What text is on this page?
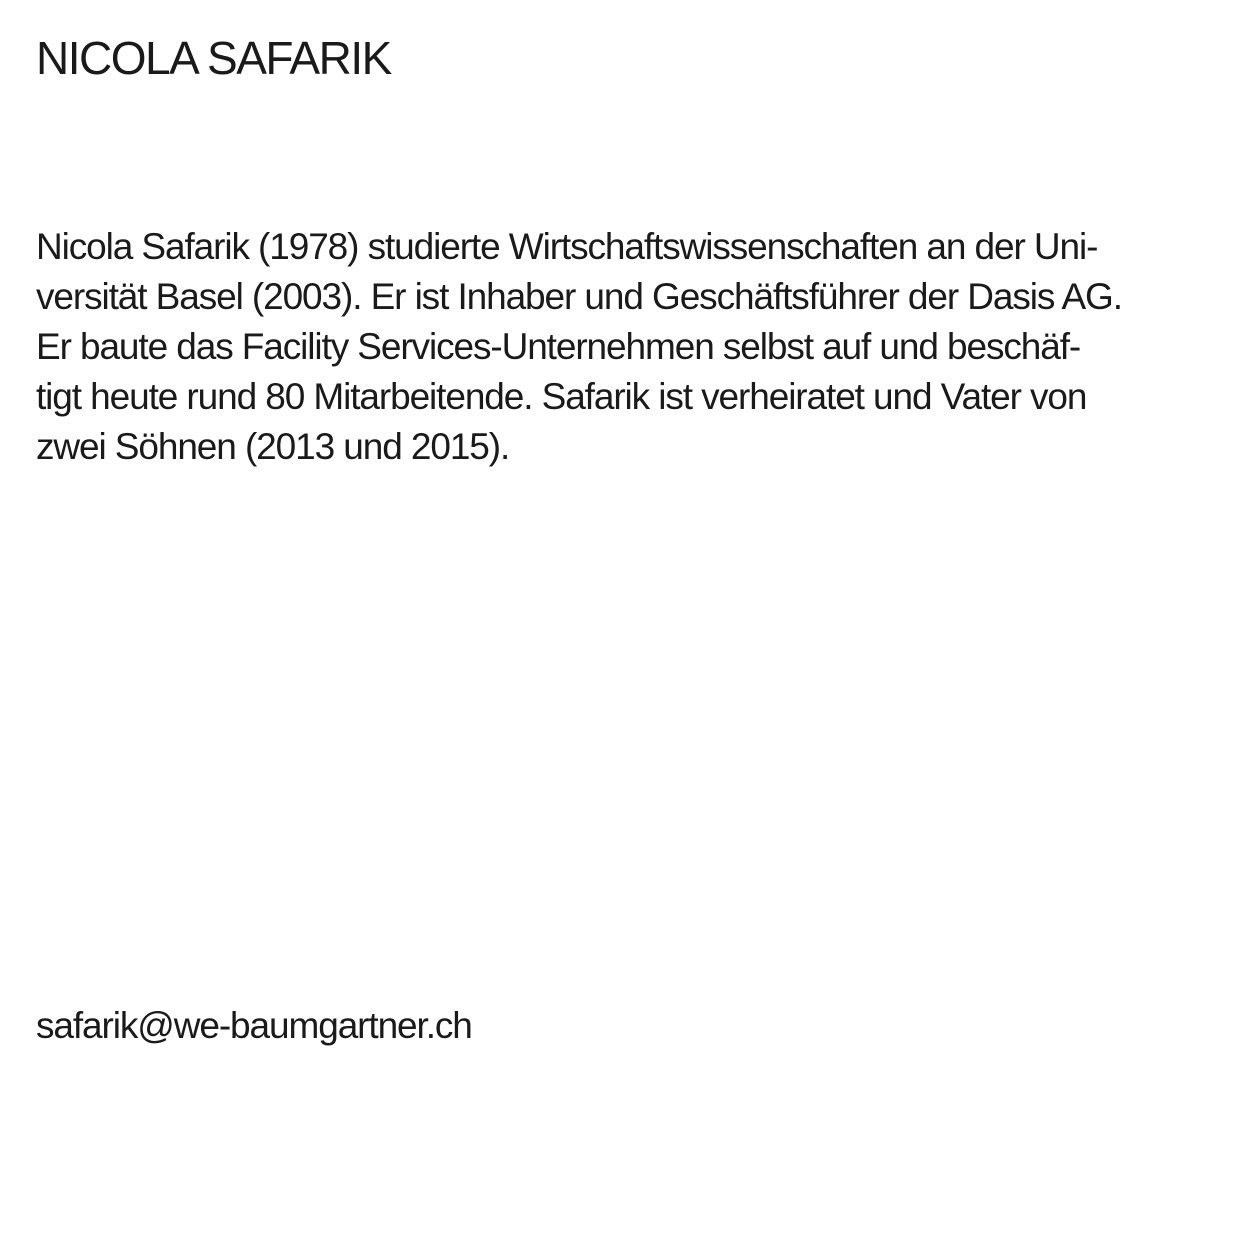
NICOLA SAFARIK

Nicola Safarik (1978) studierte Wirtschaftswissenschaften an der Uni-
versität Basel (2003). Er ist Inhaber und Geschäftsführer der Dasis AG.
Er baute das Facility Services-Unternehmen selbst auf und beschäf-
tigt heute rund 80 Mitarbeitende. Safarik ist verheiratet und Vater von
zwei Söhnen (2013 und 2015).

safarik@we-baumgartner.ch
